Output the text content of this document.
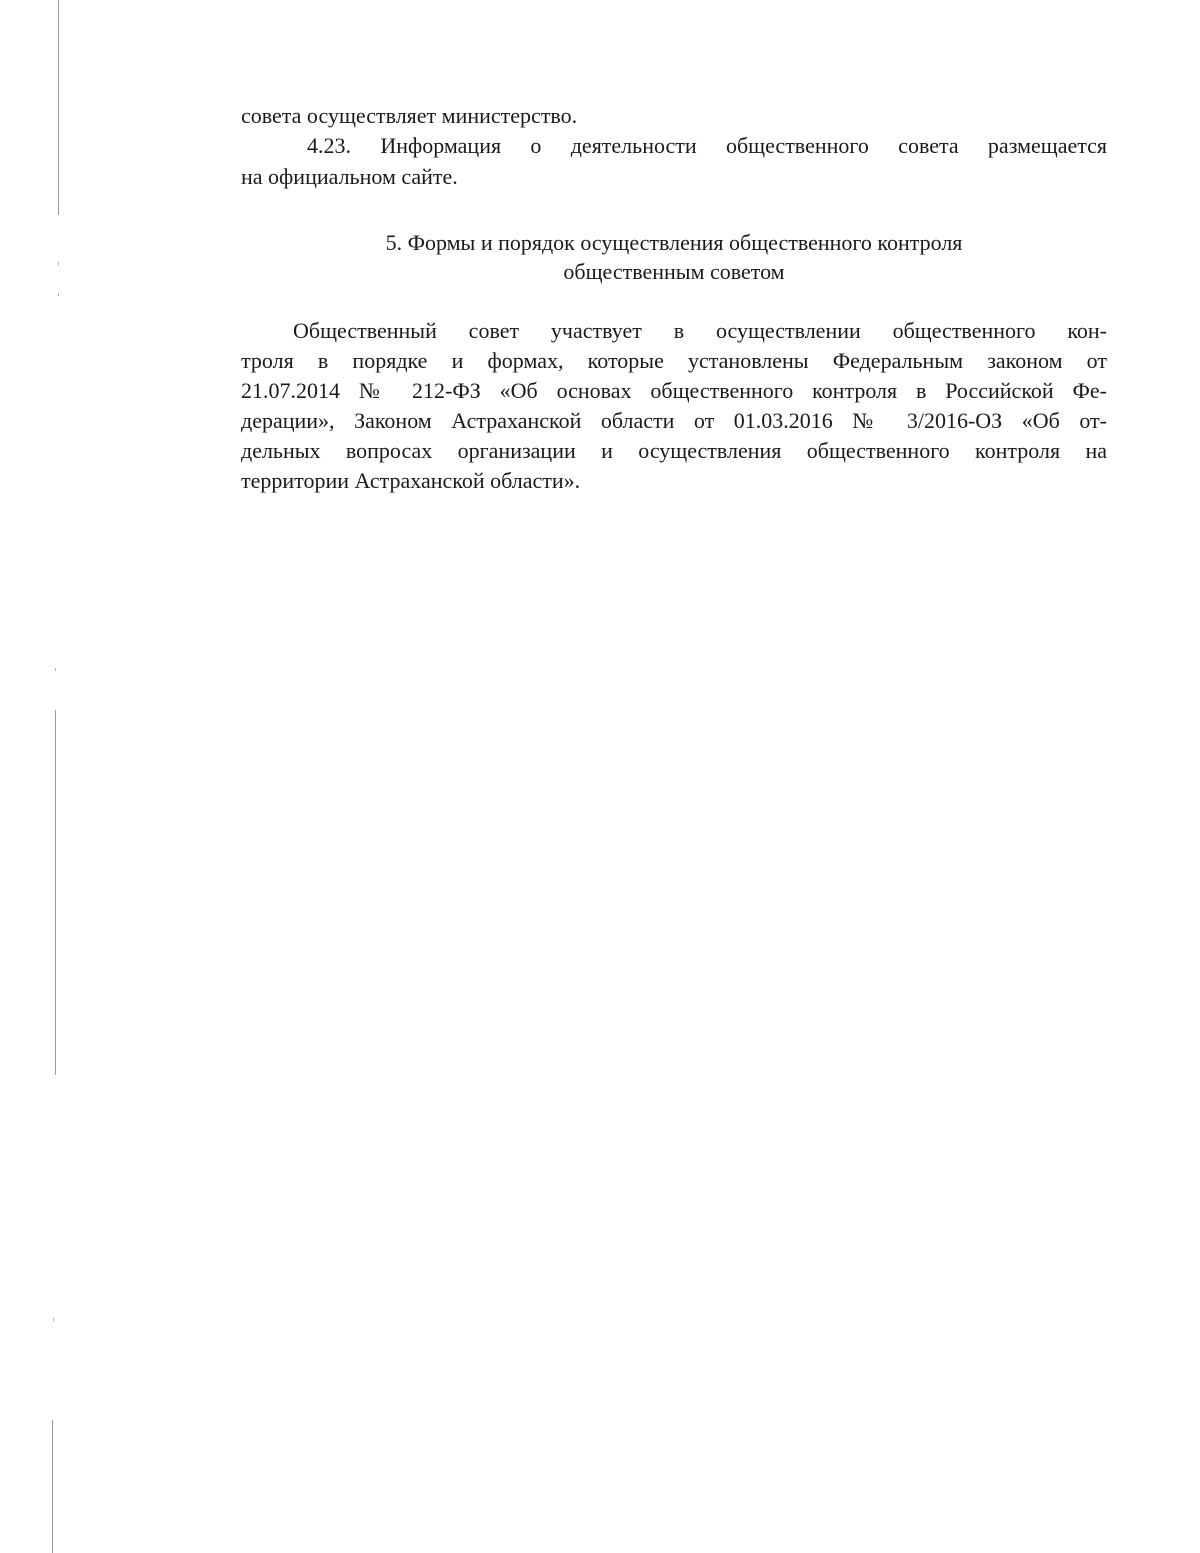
совета осуществляет министерство.
4.23. Информация о деятельности общественного совета размещается
на официальном сайте.
5. Формы и порядок осуществления общественного контроля
общественным советом
Общественный совет участвует в осуществлении общественного кон-
троля в порядке и формах, которые установлены Федеральным законом от
21.07.2014 № 212-ФЗ «Об основах общественного контроля в Российской Фе-
дерации», Законом Астраханской области от 01.03.2016 № 3/2016-ОЗ «Об от-
дельных вопросах организации и осуществления общественного контроля на
территории Астраханской области».
